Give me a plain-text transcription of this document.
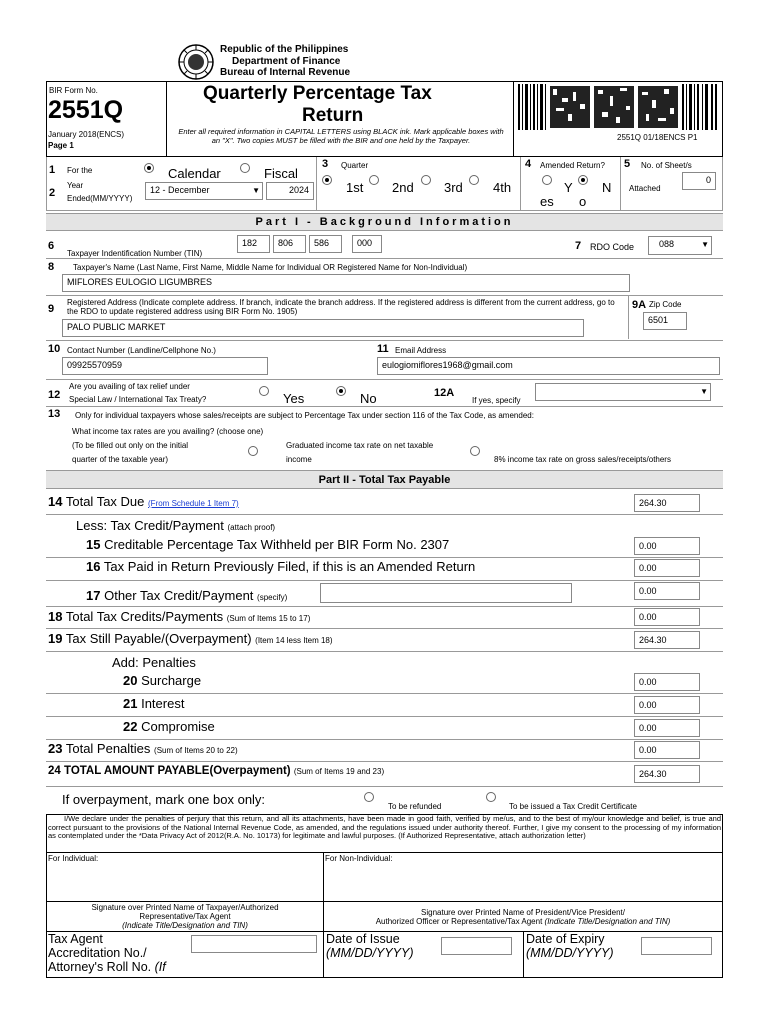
Republic of the Philippines
Department of Finance
Bureau of Internal Revenue
BIR Form No.
2551Q
January 2018(ENCS)
Page 1
Quarterly Percentage Tax
Return
Enter all required information in CAPITAL LETTERS using BLACK ink. Mark applicable boxes with an "X". Two copies MUST be filled with the BIR and one held by the Taxpayer.	2551Q 01/18ENCS P1
1 For the	Calendar	Fiscal
2
Year
Ended(MM/YYYY)
12 - December	▼	2024
3 Quarter
1st 2nd 3rd 4th
4 Amended Return?
Y
es
N
o
5 No. of Sheet/s
Attached
0
Part I - Background Information
6
Taxpayer Indentification Number (TIN)
182	806	586	000	7 RDO Code	088	▼
8 Taxpayer's Name (Last Name, First Name, Middle Name for Individual OR Registered Name for Non-Individual)
MIFLORES EULOGIO LIGUMBRES
9
Registered Address (Indicate complete address. If branch, indicate the branch address. If the registered address is different from the current address, go to the RDO to update registered address using BIR Form No. 1905)
PALO PUBLIC MARKET
9A Zip Code
6501
10 Contact Number (Landline/Cellphone No.)
09925570959
11 Email Address
eulogiomiflores1968@gmail.com
12
Are you availing of tax relief under
Special Law / International Tax Treaty?	Yes	No	12A
If yes, specify
▼
13 Only for individual taxpayers whose sales/receipts are subject to Percentage Tax under section 116 of the Tax Code, as amended:
What income tax rates are you availing? (choose one)
(To be filled out only on the initial
quarter of the taxable year)
Graduated income tax rate on net taxable
income	8% income tax rate on gross sales/receipts/others
Part II - Total Tax Payable
14 Total Tax Due (From Schedule 1 Item 7)	264.30
Less: Tax Credit/Payment (attach proof)
15 Creditable Percentage Tax Withheld per BIR Form No. 2307	0.00
16 Tax Paid in Return Previously Filed, if this is an Amended Return	0.00
17 Other Tax Credit/Payment (specify)
0.00
18 Total Tax Credits/Payments (Sum of Items 15 to 17)	0.00
19 Tax Still Payable/(Overpayment) (Item 14 less Item 18)	264.30
Add: Penalties
20 Surcharge	0.00
21 Interest	0.00
22 Compromise	0.00
23 Total Penalties (Sum of Items 20 to 22)	0.00
24 TOTAL AMOUNT PAYABLE(Overpayment) (Sum of Items 19 and 23)	264.30
If overpayment, mark one box only:	To be refunded	To be issued a Tax Credit Certificate
I/We declare under the penalties of perjury that this return, and all its attachments, have been made in good faith, verified by me/us, and to the best of my/our knowledge and belief, is true and correct pursuant to the provisions of the National Internal Revenue Code, as amended, and the regulations issued under authority thereof. Further, I give my consent to the processing of my information as contemplated under the *Data Privacy Act of 2012(R.A. No. 10173) for legitimate and lawful purposes. (If Authorized Representative, attach authorization letter)
For Individual:	For Non-Individual:
Signature over Printed Name of Taxpayer/Authorized
Representative/Tax Agent
(Indicate Title/Designation and TIN)
Signature over Printed Name of President/Vice President/
Authorized Officer or Representative/Tax Agent (Indicate Title/Designation and TIN)
Tax Agent
Accreditation No./
Attorney's Roll No. (If
Date of Issue
(MM/DD/YYYY)
Date of Expiry
(MM/DD/YYYY)
